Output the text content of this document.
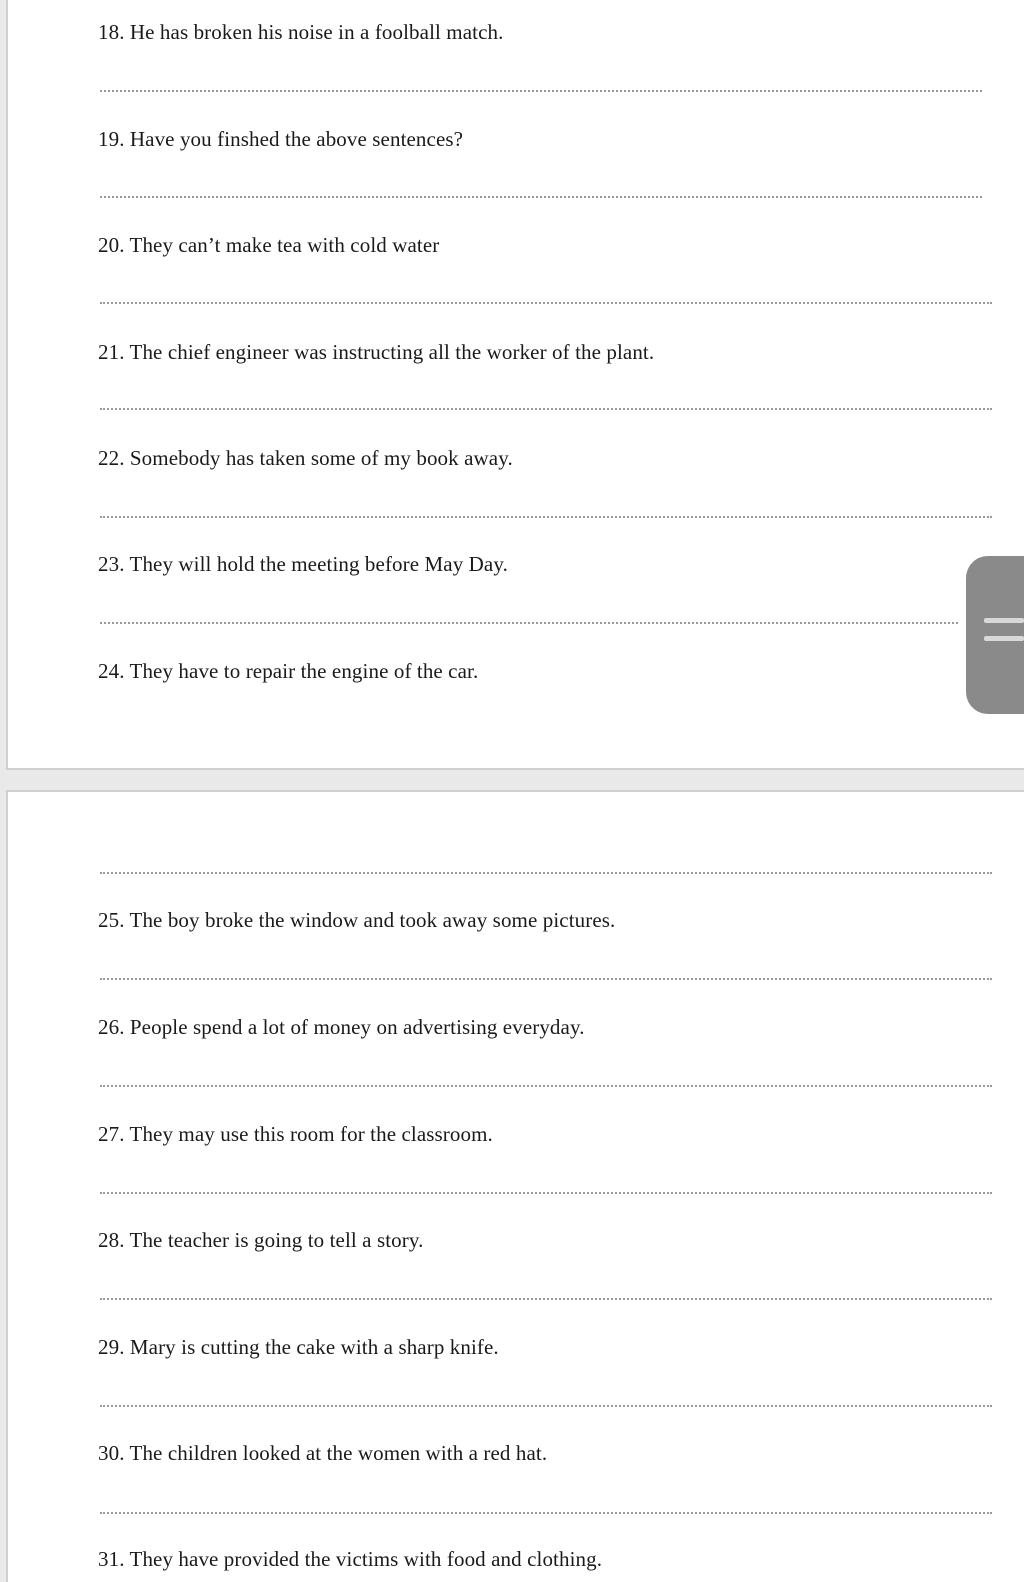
18. He has broken his noise in a foolball match.
19. Have you finshed the above sentences?
20. They can’t make tea with cold water
21. The chief engineer was instructing all the worker of the plant.
22. Somebody has taken some of my book away.
23. They will hold the meeting before May Day.
24. They have to repair the engine of the car.
25. The boy broke the window and took away some pictures.
26. People spend a lot of money on advertising everyday.
27. They may use this room for the classroom.
28. The teacher is going to tell a story.
29. Mary is cutting the cake with a sharp knife.
30. The children looked at the women with a red hat.
31. They have provided the victims with food and clothing.
